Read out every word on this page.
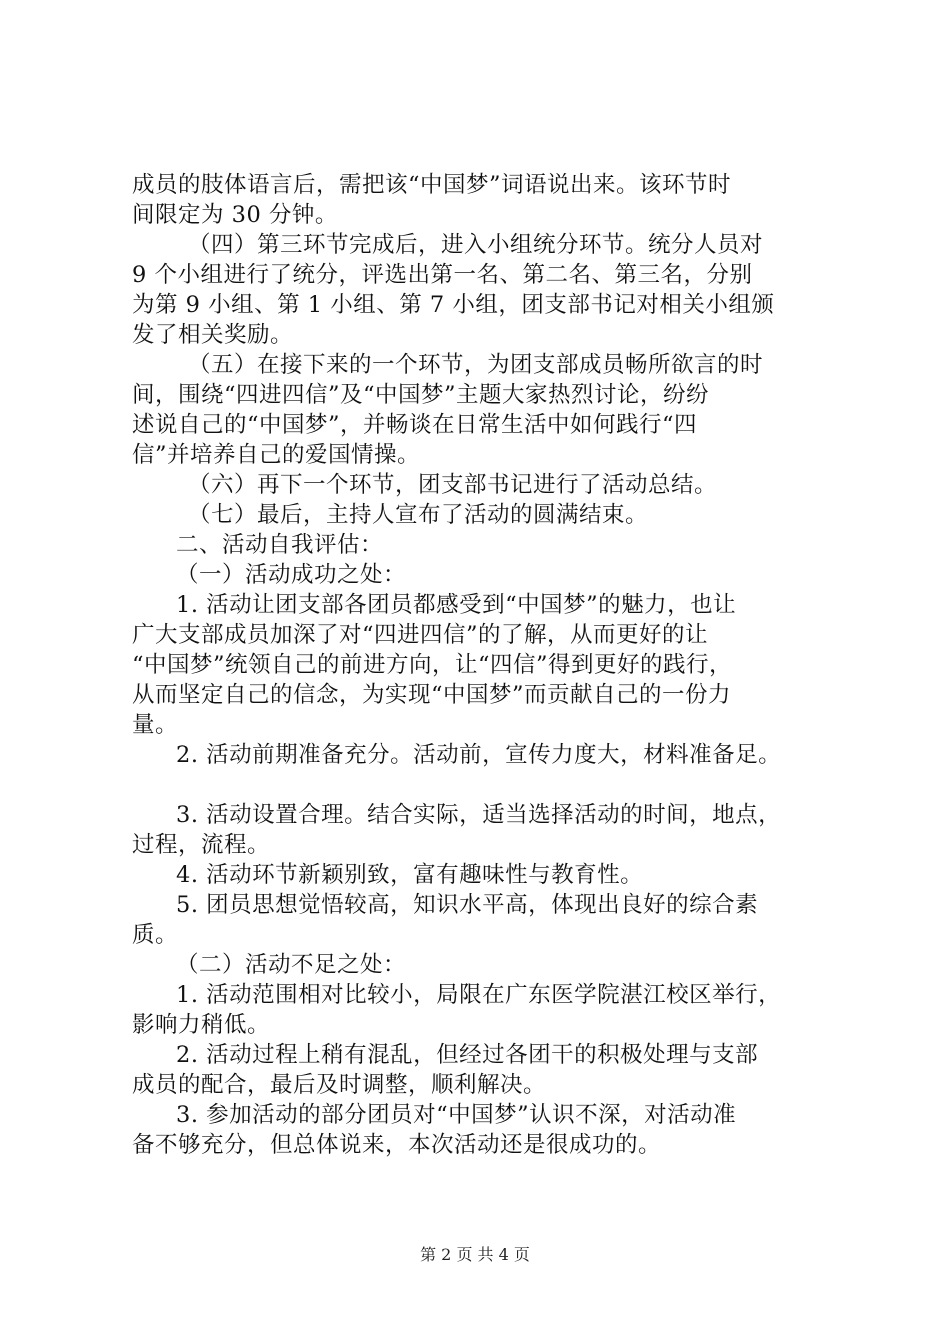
成员的肢体语言后，需把该“中国梦”词语说出来。该环节时
间限定为 30 分钟。
（四）第三环节完成后，进入小组统分环节。统分人员对
9 个小组进行了统分，评选出第一名、第二名、第三名，分别
为第 9 小组、第 1 小组、第 7 小组，团支部书记对相关小组颁
发了相关奖励。
（五）在接下来的一个环节，为团支部成员畅所欲言的时
间，围绕“四进四信”及“中国梦”主题大家热烈讨论，纷纷
述说自己的“中国梦”，并畅谈在日常生活中如何践行“四
信”并培养自己的爱国情操。
（六）再下一个环节，团支部书记进行了活动总结。
（七）最后，主持人宣布了活动的圆满结束。
二、活动自我评估：
（一）活动成功之处：
1. 活动让团支部各团员都感受到“中国梦”的魅力，也让
广大支部成员加深了对“四进四信”的了解，从而更好的让
“中国梦”统领自己的前进方向，让“四信”得到更好的践行，
从而坚定自己的信念，为实现“中国梦”而贡献自己的一份力
量。
2. 活动前期准备充分。活动前，宣传力度大，材料准备足。
3. 活动设置合理。结合实际，适当选择活动的时间，地点，
过程，流程。
4. 活动环节新颖别致，富有趣味性与教育性。
5. 团员思想觉悟较高，知识水平高，体现出良好的综合素
质。
（二）活动不足之处：
1. 活动范围相对比较小，局限在广东医学院湛江校区举行，
影响力稍低。
2. 活动过程上稍有混乱，但经过各团干的积极处理与支部
成员的配合，最后及时调整，顺利解决。
3. 参加活动的部分团员对“中国梦”认识不深，对活动准
备不够充分，但总体说来，本次活动还是很成功的。
第 2 页 共 4 页
